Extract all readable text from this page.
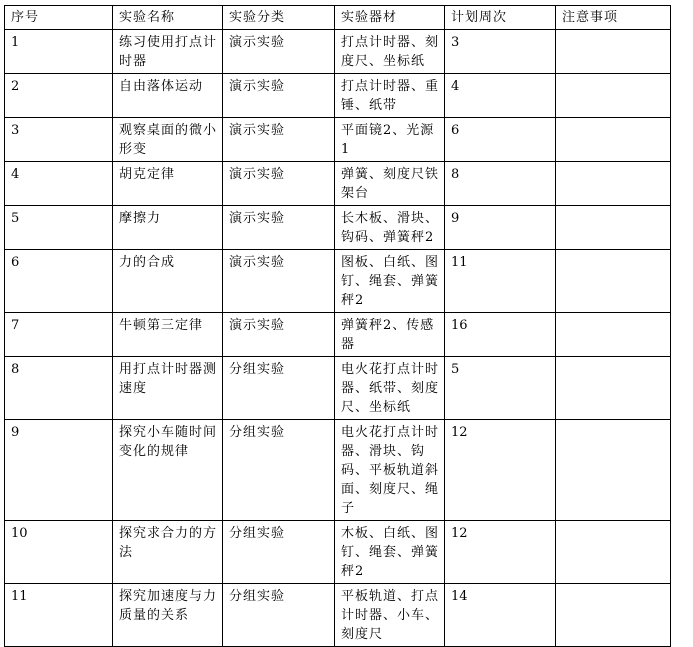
序号	实验名称	实验分类	实验器材	计划周次	注意事项
1	练习使用打点计时器	演示实验	打点计时器、刻度尺、坐标纸	3	
2	自由落体运动	演示实验	打点计时器、重锤、纸带	4	
3	观察桌面的微小形变	演示实验	平面镜2、光源1	6	
4	胡克定律	演示实验	弹簧、刻度尺铁架台	8	
5	摩擦力	演示实验	长木板、滑块、钩码、弹簧秤2	9	
6	力的合成	演示实验	图板、白纸、图钉、绳套、弹簧秤2	11	
7	牛顿第三定律	演示实验	弹簧秤2、传感器	16	
8	用打点计时器测速度	分组实验	电火花打点计时器、纸带、刻度尺、坐标纸	5	
9	探究小车随时间变化的规律	分组实验	电火花打点计时器、滑块、钩码、平板轨道斜面、刻度尺、绳子	12	
10	探究求合力的方法	分组实验	木板、白纸、图钉、绳套、弹簧秤2	12	
11	探究加速度与力质量的关系	分组实验	平板轨道、打点计时器、小车、刻度尺	14	
